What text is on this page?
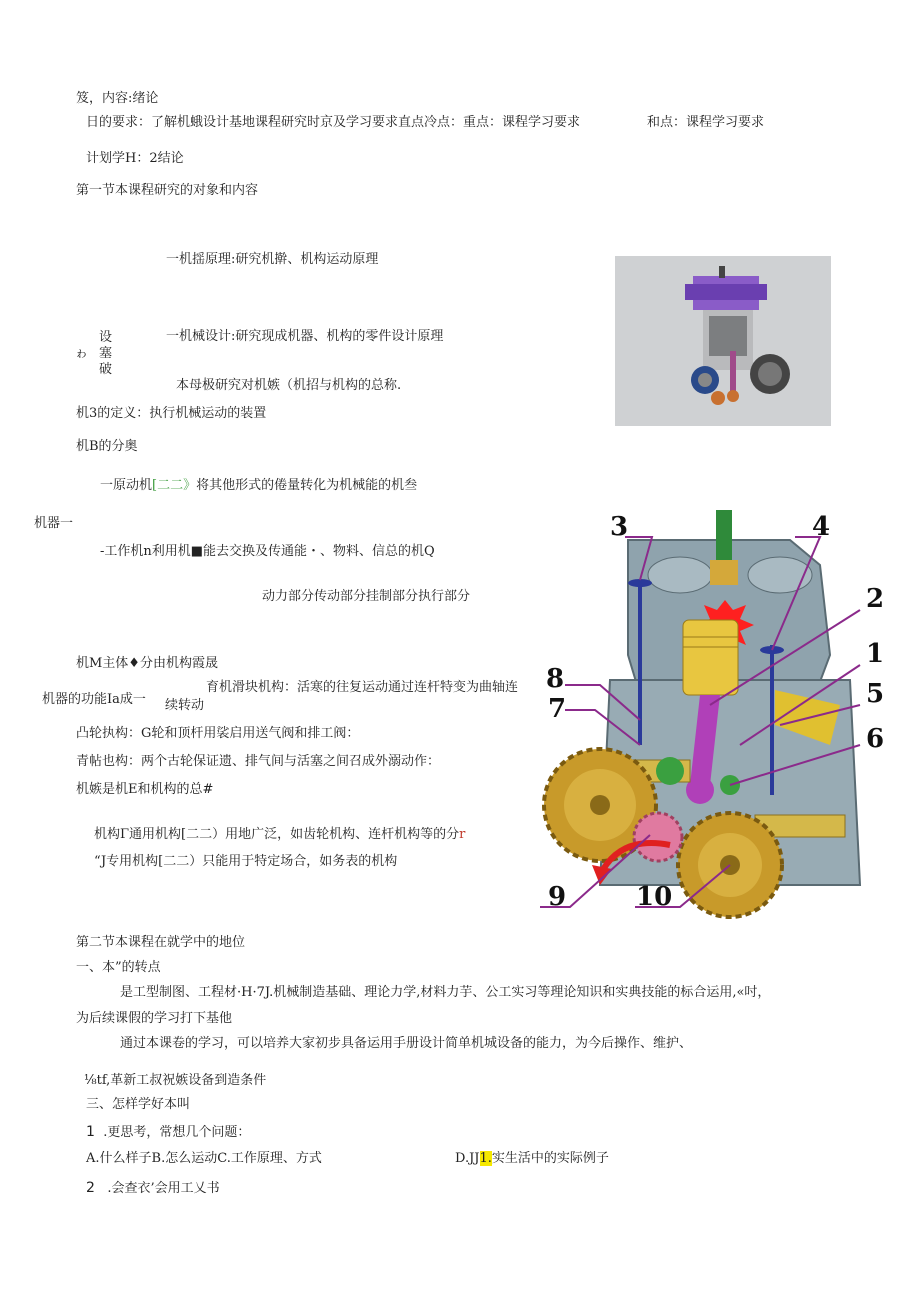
笈，内容:绪论
日的要求：了解机蛾设计基地课程研究时京及学习要求直点冷点：重点：课程学习要求	和点：课程学习要求
计划学H：2结论
第一节本课程研究的对象和内容
一机揺原理:研究机擀、机构运动原理
ゎ
设塞破
一机械设计:研究现成机器、机构的零件设计原理
本母极研究对机嫉（机招与机构的总称.
机3的定义：执行机械运动的装置
机B的分奥
一原动机[二二》将其他形式的倦量转化为机械能的机叁
机器一
-工作机n利用机■能去交换及传通能・、物料、信总的机Q
动力部分传动部分挂制部分执行部分
机M主体♦分由机构霞晟
机器的功能Ia成一
育机滑块机构：活寒的往复运动通过连杆特变为曲轴连
续转动
凸轮执构：G轮和顶杆用裟启用送气阀和排工阀：
青帖也构：两个古轮保证遗、排气间与活塞之间召成外溺动作：
机嫉是机E和机构的总#
机构Γ通用机构[二二）用地广泛，如齿轮机构、连杆机构等的分r
“J专用机构[二二）只能用于特定场合，如务表的机构
第二节本课程在就学中的地位
一、本”的转点
是工型制图、工程材·H·7J.机械制造基础、理论力学,材料力芋、公工实习等理论知识和实典技能的标合运用,«吋，
为后续课假的学习打下基他
通过本课卷的学习，可以培养大家初步具备运用手册设计简单机城设备的能力，为今后操作、维护、
⅛tf,革新工叔祝嫉设备到造条件
三、怎样学好本叫
1 .更思考，常想几个问题：
A.什么样子B.怎么运动C.工作原理、方式	D.JJ1.实生活中的实际例子
2 .会查衣’会用工乂书
3	4
2
1
5
6
8
7
9	10
